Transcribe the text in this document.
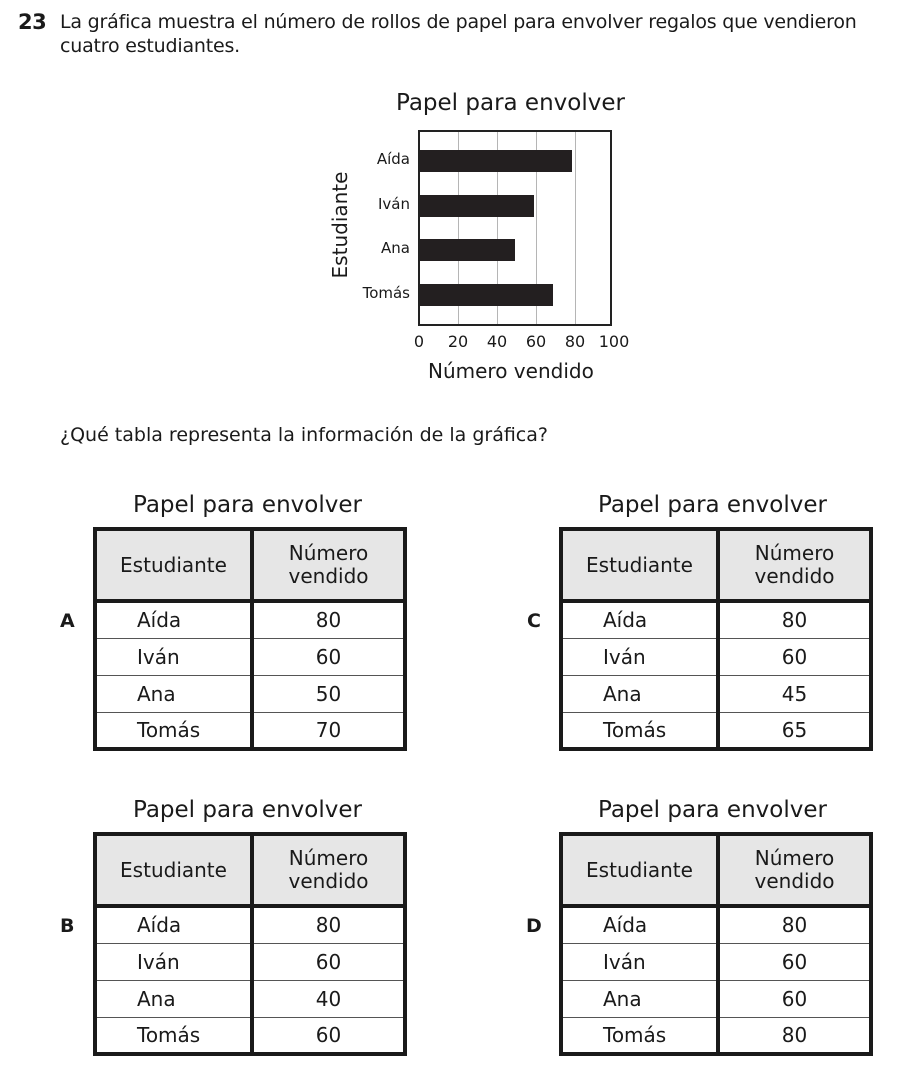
23 La gráfica muestra el número de rollos de papel para envolver regalos que vendieron cuatro estudiantes.
Papel para envolver
Estudiante
Aída
Iván
Ana
Tomás
0	20	40	60	80 100
Número vendido
¿Qué tabla representa la información de la gráfica?
Papel para envolver
A
Estudiante	Número vendido
Aída	80
Iván	60
Ana	50
Tomás	70
Papel para envolver
C
Estudiante	Número vendido
Aída	80
Iván	60
Ana	45
Tomás	65
Papel para envolver
B
Estudiante	Número vendido
Aída	80
Iván	60
Ana	40
Tomás	60
Papel para envolver
D
Estudiante	Número vendido
Aída	80
Iván	60
Ana	60
Tomás	80
